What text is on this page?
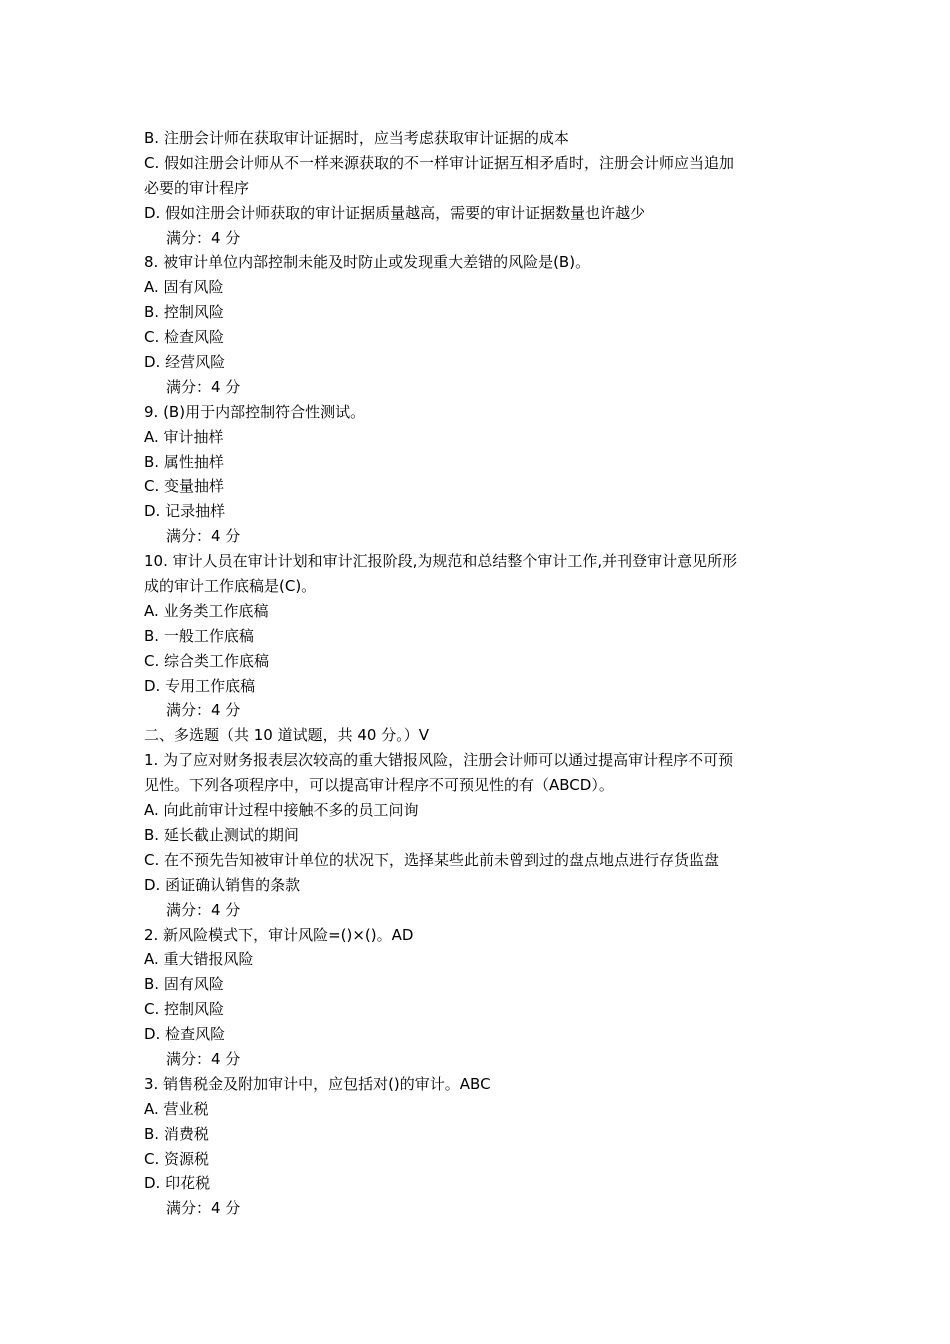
B. 注册会计师在获取审计证据时，应当考虑获取审计证据的成本
C. 假如注册会计师从不一样来源获取的不一样审计证据互相矛盾时，注册会计师应当追加
必要的审计程序
D. 假如注册会计师获取的审计证据质量越高，需要的审计证据数量也许越少
满分：4 分
8. 被审计单位内部控制未能及时防止或发现重大差错的风险是(B)。
A. 固有风险
B. 控制风险
C. 检查风险
D. 经营风险
满分：4 分
9. (B)用于内部控制符合性测试。
A. 审计抽样
B. 属性抽样
C. 变量抽样
D. 记录抽样
满分：4 分
10. 审计人员在审计计划和审计汇报阶段,为规范和总结整个审计工作,并刊登审计意见所形
成的审计工作底稿是(C)。
A. 业务类工作底稿
B. 一般工作底稿
C. 综合类工作底稿
D. 专用工作底稿
满分：4 分
二、多选题（共 10 道试题，共 40 分。）V
1. 为了应对财务报表层次较高的重大错报风险，注册会计师可以通过提高审计程序不可预
见性。下列各项程序中，可以提高审计程序不可预见性的有（ABCD）。
A. 向此前审计过程中接触不多的员工问询
B. 延长截止测试的期间
C. 在不预先告知被审计单位的状况下，选择某些此前未曾到过的盘点地点进行存货监盘
D. 函证确认销售的条款
满分：4 分
2. 新风险模式下，审计风险=()×()。AD
A. 重大错报风险
B. 固有风险
C. 控制风险
D. 检查风险
满分：4 分
3. 销售税金及附加审计中，应包括对()的审计。ABC
A. 营业税
B. 消费税
C. 资源税
D. 印花税
满分：4 分
